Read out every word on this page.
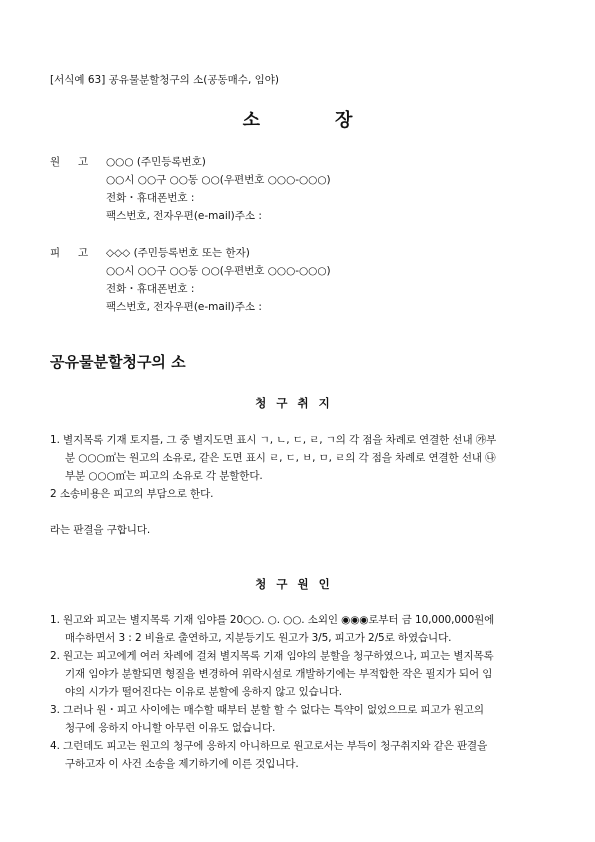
[서식예 63] 공유물분할청구의 소(공동매수, 임야)
소	장
원 고 ○○○ (주민등록번호)
○○시 ○○구 ○○동 ○○(우편번호 ○○○-○○○)
전화・휴대폰번호 :
팩스번호, 전자우편(e-mail)주소 :
피 고 ◇◇◇ (주민등록번호 또는 한자)
○○시 ○○구 ○○동 ○○(우편번호 ○○○-○○○)
전화・휴대폰번호 :
팩스번호, 전자우편(e-mail)주소 :
공유물분할청구의 소
청구취지
1. 별지목록 기재 토지를, 그 중 별지도면 표시 ㄱ, ㄴ, ㄷ, ㄹ, ㄱ의 각 점을 차례로 연결한 선내 ㉮부
분 ○○○㎡는 원고의 소유로, 같은 도면 표시 ㄹ, ㄷ, ㅂ, ㅁ, ㄹ의 각 점을 차례로 연결한 선내 ㉯
부분 ○○○㎡는 피고의 소유로 각 분할한다.
2 소송비용은 피고의 부담으로 한다.
라는 판결을 구합니다.
청구원인
1. 원고와 피고는 별지목록 기재 임야를 20○○. ○. ○○. 소외인 ◉◉◉로부터 금 10,000,000원에
매수하면서 3 : 2 비율로 출연하고, 지분등기도 원고가 3/5, 피고가 2/5로 하였습니다.
2. 원고는 피고에게 여러 차례에 걸쳐 별지목록 기재 임야의 분할을 청구하였으나, 피고는 별지목록
기재 임야가 분할되면 형질을 변경하여 위락시설로 개발하기에는 부적합한 작은 필지가 되어 임
야의 시가가 떨어진다는 이유로 분할에 응하지 않고 있습니다.
3. 그러나 원・피고 사이에는 매수할 때부터 분할 할 수 없다는 특약이 없었으므로 피고가 원고의
청구에 응하지 아니할 아무런 이유도 없습니다.
4. 그런데도 피고는 원고의 청구에 응하지 아니하므로 원고로서는 부득이 청구취지와 같은 판결을
구하고자 이 사건 소송을 제기하기에 이른 것입니다.
